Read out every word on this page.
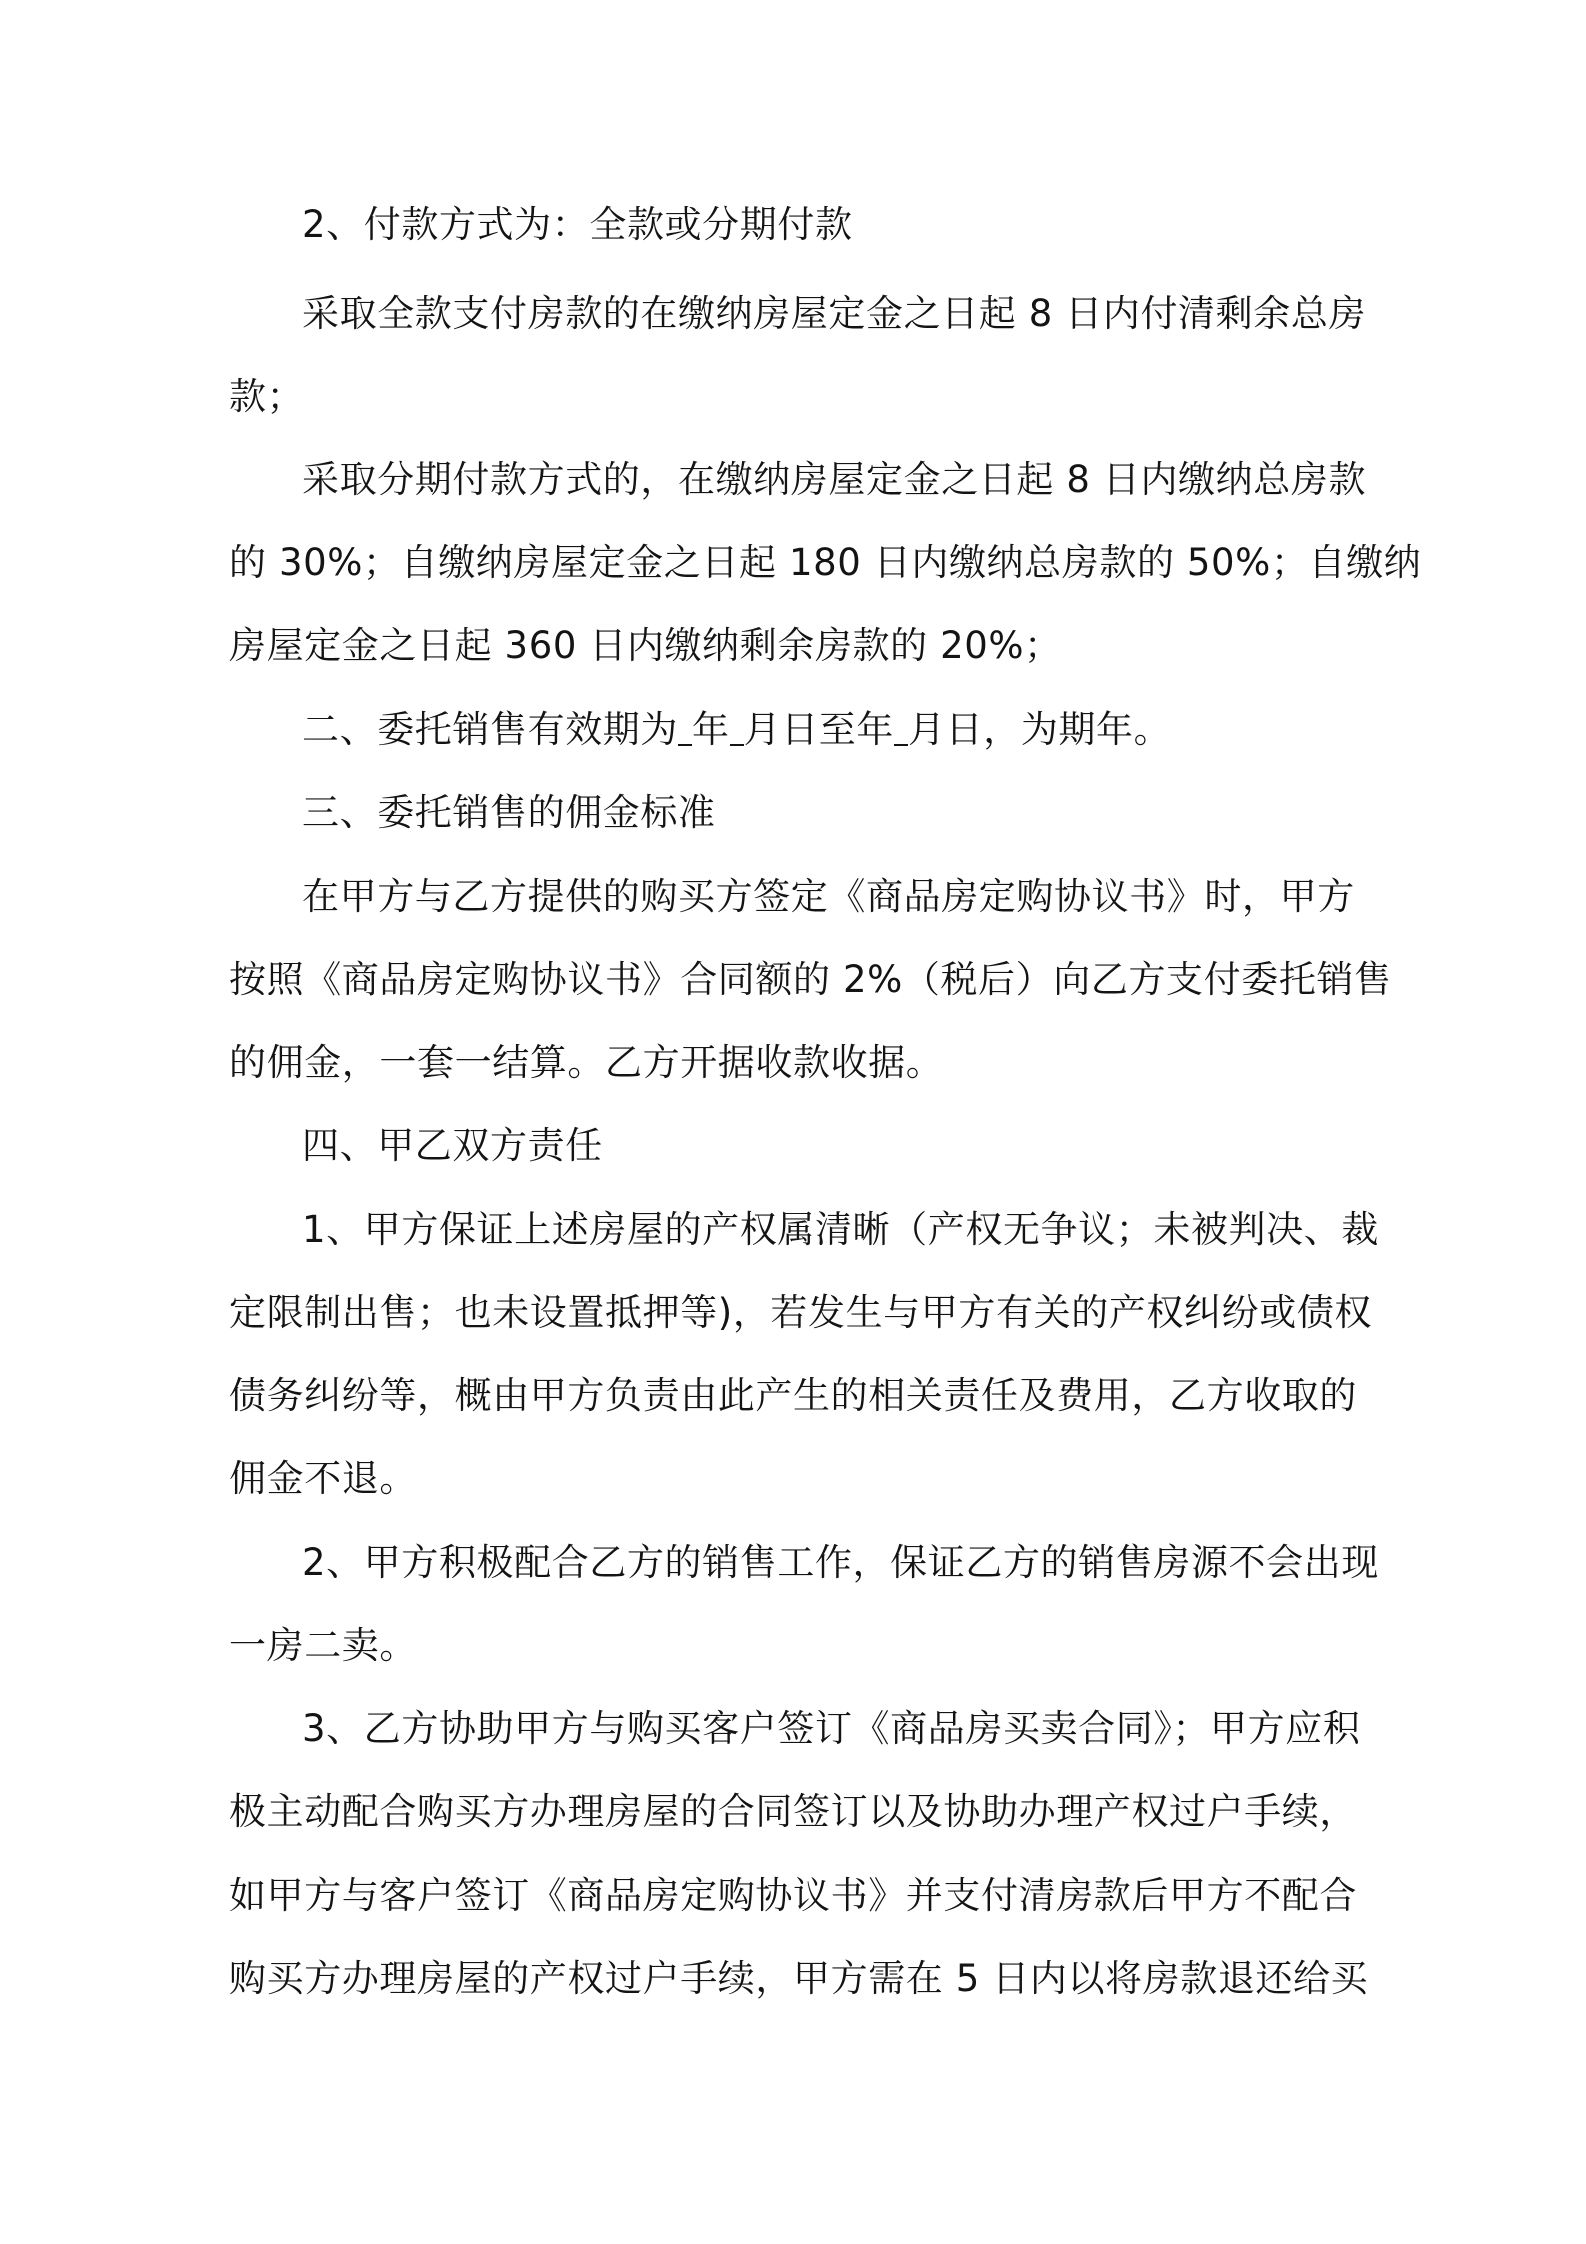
2、付款方式为：全款或分期付款
采取全款支付房款的在缴纳房屋定金之日起 8 日内付清剩余总房
款；
采取分期付款方式的，在缴纳房屋定金之日起 8 日内缴纳总房款
的 30%；自缴纳房屋定金之日起 180 日内缴纳总房款的 50%；自缴纳
房屋定金之日起 360 日内缴纳剩余房款的 20%；
二、委托销售有效期为 年 月日至年 月日，为期年。
三、委托销售的佣金标准
在甲方与乙方提供的购买方签定《商品房定购协议书》时，甲方
按照《商品房定购协议书》合同额的 2%（税后）向乙方支付委托销售
的佣金，一套一结算。乙方开据收款收据。
四、甲乙双方责任
1、甲方保证上述房屋的产权属清晰（产权无争议；未被判决、裁
定限制出售；也未设置抵押等)，若发生与甲方有关的产权纠纷或债权
债务纠纷等，概由甲方负责由此产生的相关责任及费用，乙方收取的
佣金不退。
2、甲方积极配合乙方的销售工作，保证乙方的销售房源不会出现
一房二卖。
3、乙方协助甲方与购买客户签订《商品房买卖合同》；甲方应积
极主动配合购买方办理房屋的合同签订以及协助办理产权过户手续，
如甲方与客户签订《商品房定购协议书》并支付清房款后甲方不配合
购买方办理房屋的产权过户手续，甲方需在 5 日内以将房款退还给买
